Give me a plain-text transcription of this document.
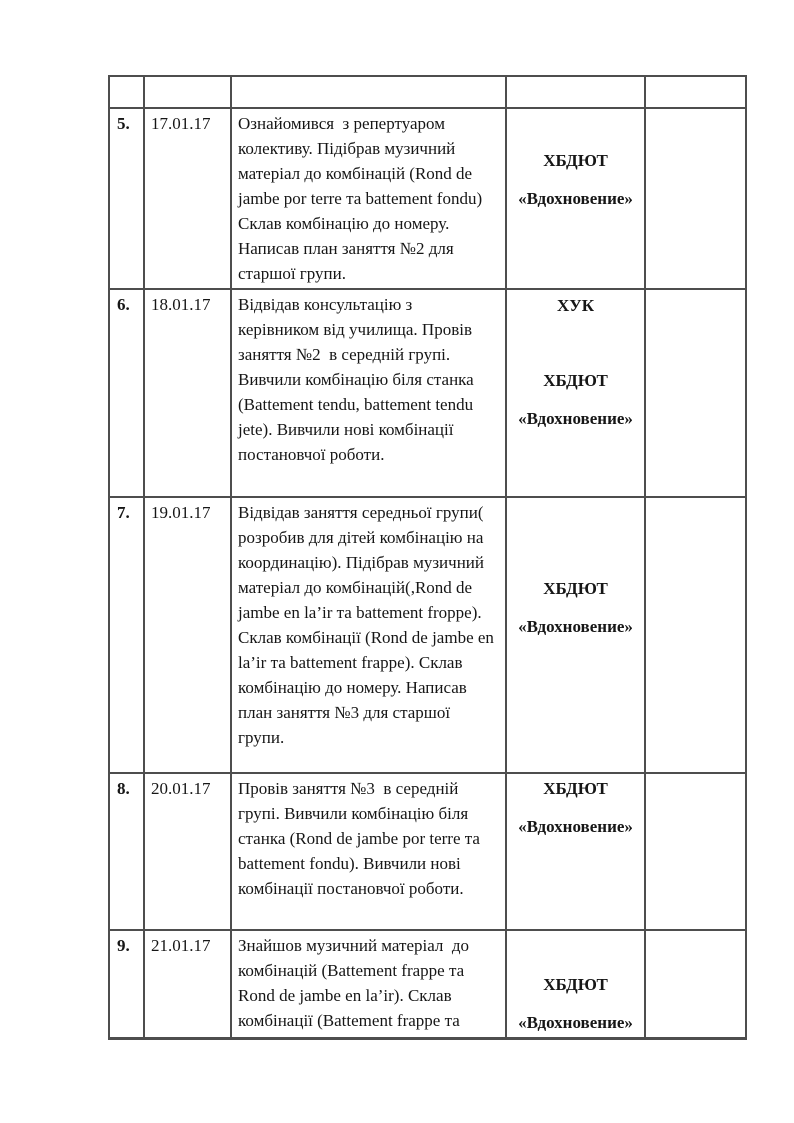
5.	17.01.17	Ознайомився  з репертуаром колективу. Підібрав музичний матеріал до комбінацій (Rond de jambe por terre та battement fondu) Склав комбінацію до номеру. Написав план заняття №2 для старшої групи.	ХБДЮТ
«Вдохновение»	

6.	18.01.17	Відвідав консультацію з керівником від училища. Провів заняття №2  в середній групі. Вивчили комбінацію біля станка (Battement tendu, battement tendu jete). Вивчили нові комбінації постановчої роботи.	ХУК
ХБДЮТ
«Вдохновение»	

7.	19.01.17	Відвідав заняття середньої групи( розробив для дітей комбінацію на координацію). Підібрав музичний  матеріал до комбінацій(,Rond de jambe en la’ir та battement froppe). Склав комбінації (Rond de jambe en la’ir та battement frappe). Склав комбінацію до номеру. Написав план заняття №3 для старшої групи.	ХБДЮТ
«Вдохновение»	

8.	20.01.17	Провів заняття №3  в середній групі. Вивчили комбінацію біля станка (Rond de jambe por terre та battement fondu). Вивчили нові комбінації постановчої роботи.	ХБДЮТ
«Вдохновение»	

9.	21.01.17	Знайшов музичний матеріал  до комбінацій (Battement frappe та Rond de jambe en la’ir). Склав комбінації (Battement frappe та	ХБДЮТ
«Вдохновение»	
